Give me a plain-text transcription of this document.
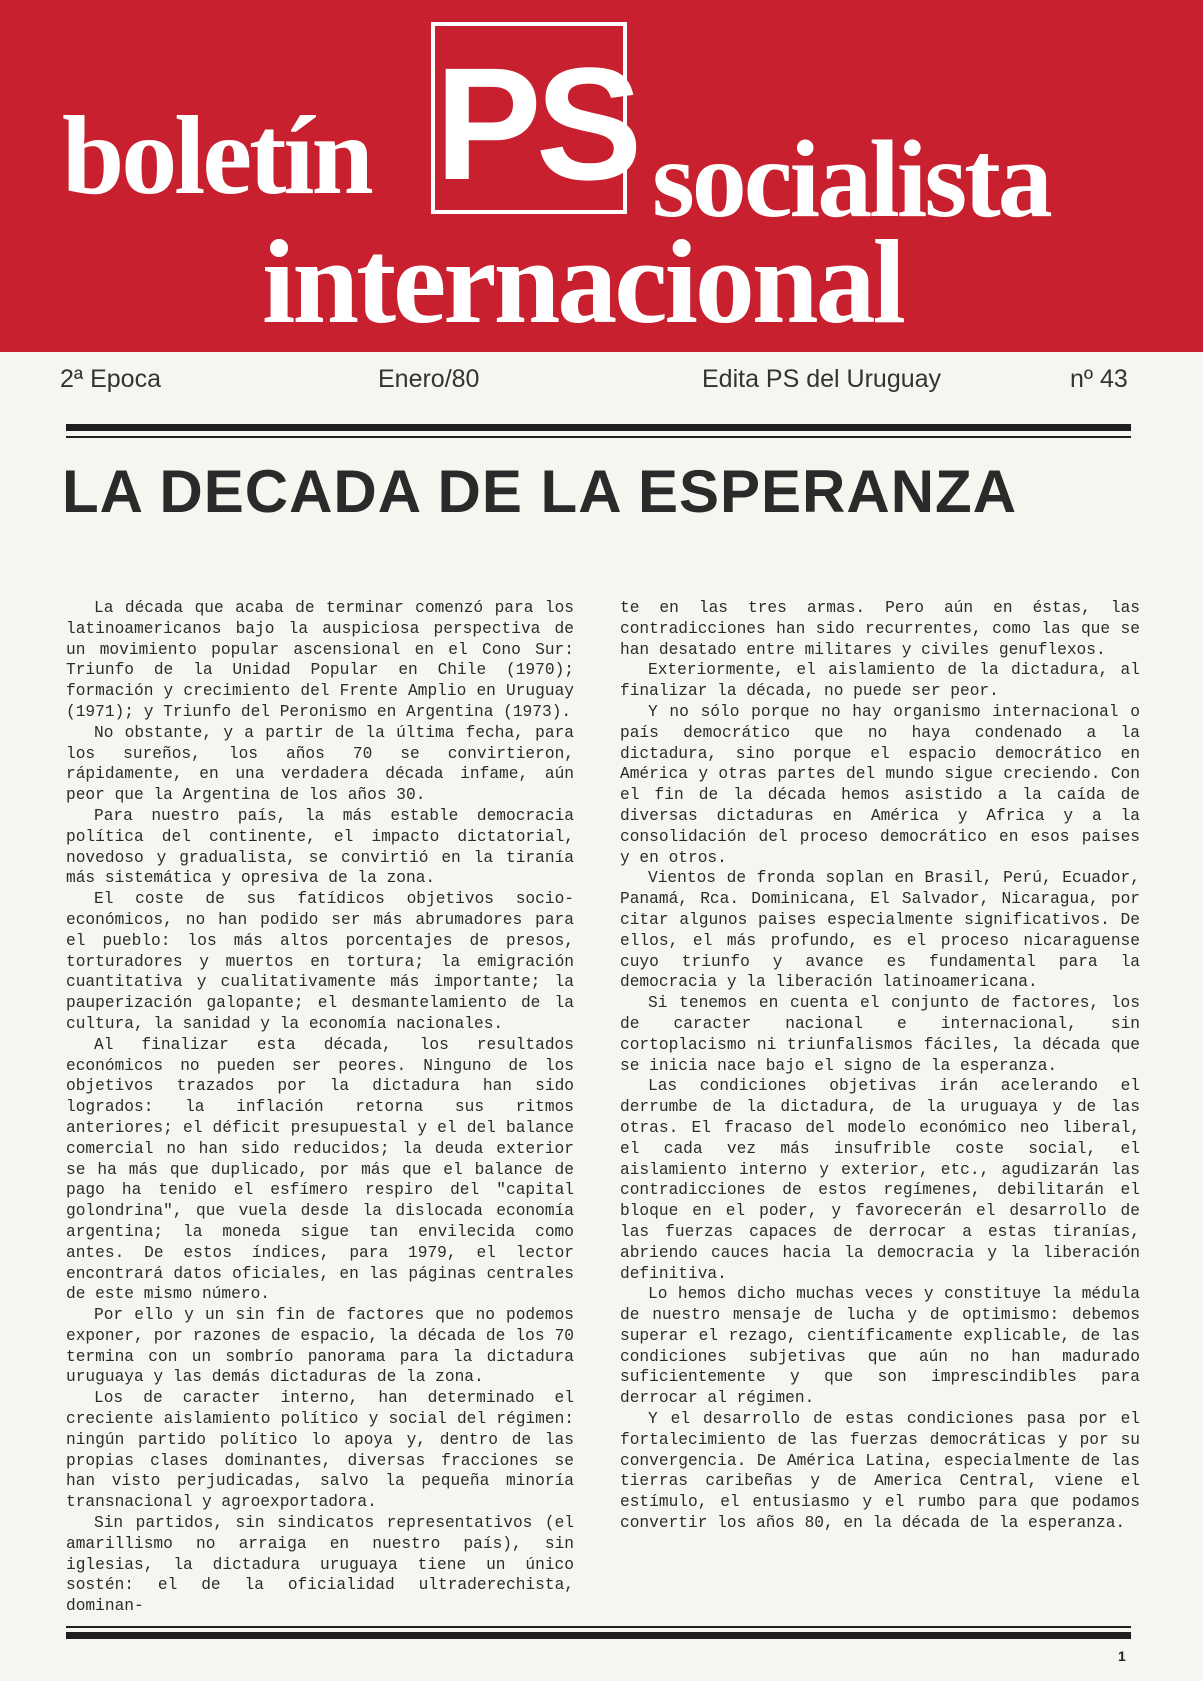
boletín PS socialista
internacional
2ª Epoca	Enero/80	Edita PS del Uruguay	nº 43
LA DECADA DE LA ESPERANZA

La década que acaba de terminar comenzó para los latinoamericanos bajo la auspiciosa perspectiva de un movimiento popular ascensional en el Cono Sur: Triunfo de la Unidad Popular en Chile (1970); formación y crecimiento del Frente Amplio en Uruguay (1971); y Triunfo del Peronismo en Argentina (1973).

No obstante, y a partir de la última fecha, para los sureños, los años 70 se convirtieron, rápidamente, en una verdadera década infame, aún peor que la Argentina de los años 30.

Para nuestro país, la más estable democracia política del continente, el impacto dictatorial, novedoso y gradualista, se convirtió en la tiranía más sistemática y opresiva de la zona.

El coste de sus fatídicos objetivos socio-económicos, no han podido ser más abrumadores para el pueblo: los más altos porcentajes de presos, torturadores y muertos en tortura; la emigración cuantitativa y cualitativamente más importante; la pauperización galopante; el desmantelamiento de la cultura, la sanidad y la economía nacionales.

Al finalizar esta década, los resultados económicos no pueden ser peores. Ninguno de los objetivos trazados por la dictadura han sido logrados: la inflación retorna sus ritmos anteriores; el déficit presupuestal y el del balance comercial no han sido reducidos; la deuda exterior se ha más que duplicado, por más que el balance de pago ha tenido el esfímero respiro del "capital golondrina", que vuela desde la dislocada economía argentina; la moneda sigue tan envilecida como antes. De estos índices, para 1979, el lector encontrará datos oficiales, en las páginas centrales de este mismo número.

Por ello y un sin fin de factores que no podemos exponer, por razones de espacio, la década de los 70 termina con un sombrío panorama para la dictadura uruguaya y las demás dictaduras de la zona.

Los de caracter interno, han determinado el creciente aislamiento político y social del régimen: ningún partido político lo apoya y, dentro de las propias clases dominantes, diversas fracciones se han visto perjudicadas, salvo la pequeña minoría transnacional y agroexportadora.

Sin partidos, sin sindicatos representativos (el amarillismo no arraiga en nuestro país), sin iglesias, la dictadura uruguaya tiene un único sostén: el de la oficialidad ultraderechista, dominan-

te en las tres armas. Pero aún en éstas, las contradicciones han sido recurrentes, como las que se han desatado entre militares y civiles genuflexos.

Exteriormente, el aislamiento de la dictadura, al finalizar la década, no puede ser peor.

Y no sólo porque no hay organismo internacional o país democrático que no haya condenado a la dictadura, sino porque el espacio democrático en América y otras partes del mundo sigue creciendo. Con el fin de la década hemos asistido a la caída de diversas dictaduras en América y Africa y a la consolidación del proceso democrático en esos paises y en otros.

Vientos de fronda soplan en Brasil, Perú, Ecuador, Panamá, Rca. Dominicana, El Salvador, Nicaragua, por citar algunos paises especialmente significativos. De ellos, el más profundo, es el proceso nicaraguense cuyo triunfo y avance es fundamental para la democracia y la liberación latinoamericana.

Si tenemos en cuenta el conjunto de factores, los de caracter nacional e internacional, sin cortoplacismo ni triunfalismos fáciles, la década que se inicia nace bajo el signo de la esperanza.

Las condiciones objetivas irán acelerando el derrumbe de la dictadura, de la uruguaya y de las otras. El fracaso del modelo económico neo liberal, el cada vez más insufrible coste social, el aislamiento interno y exterior, etc., agudizarán las contradicciones de estos regímenes, debilitarán el bloque en el poder, y favorecerán el desarrollo de las fuerzas capaces de derrocar a estas tiranías, abriendo cauces hacia la democracia y la liberación definitiva.

Lo hemos dicho muchas veces y constituye la médula de nuestro mensaje de lucha y de optimismo: debemos superar el rezago, científicamente explicable, de las condiciones subjetivas que aún no han madurado suficientemente y que son imprescindibles para derrocar al régimen.

Y el desarrollo de estas condiciones pasa por el fortalecimiento de las fuerzas democráticas y por su convergencia. De América Latina, especialmente de las tierras caribeñas y de America Central, viene el estímulo, el entusiasmo y el rumbo para que podamos convertir los años 80, en la década de la esperanza.

1
